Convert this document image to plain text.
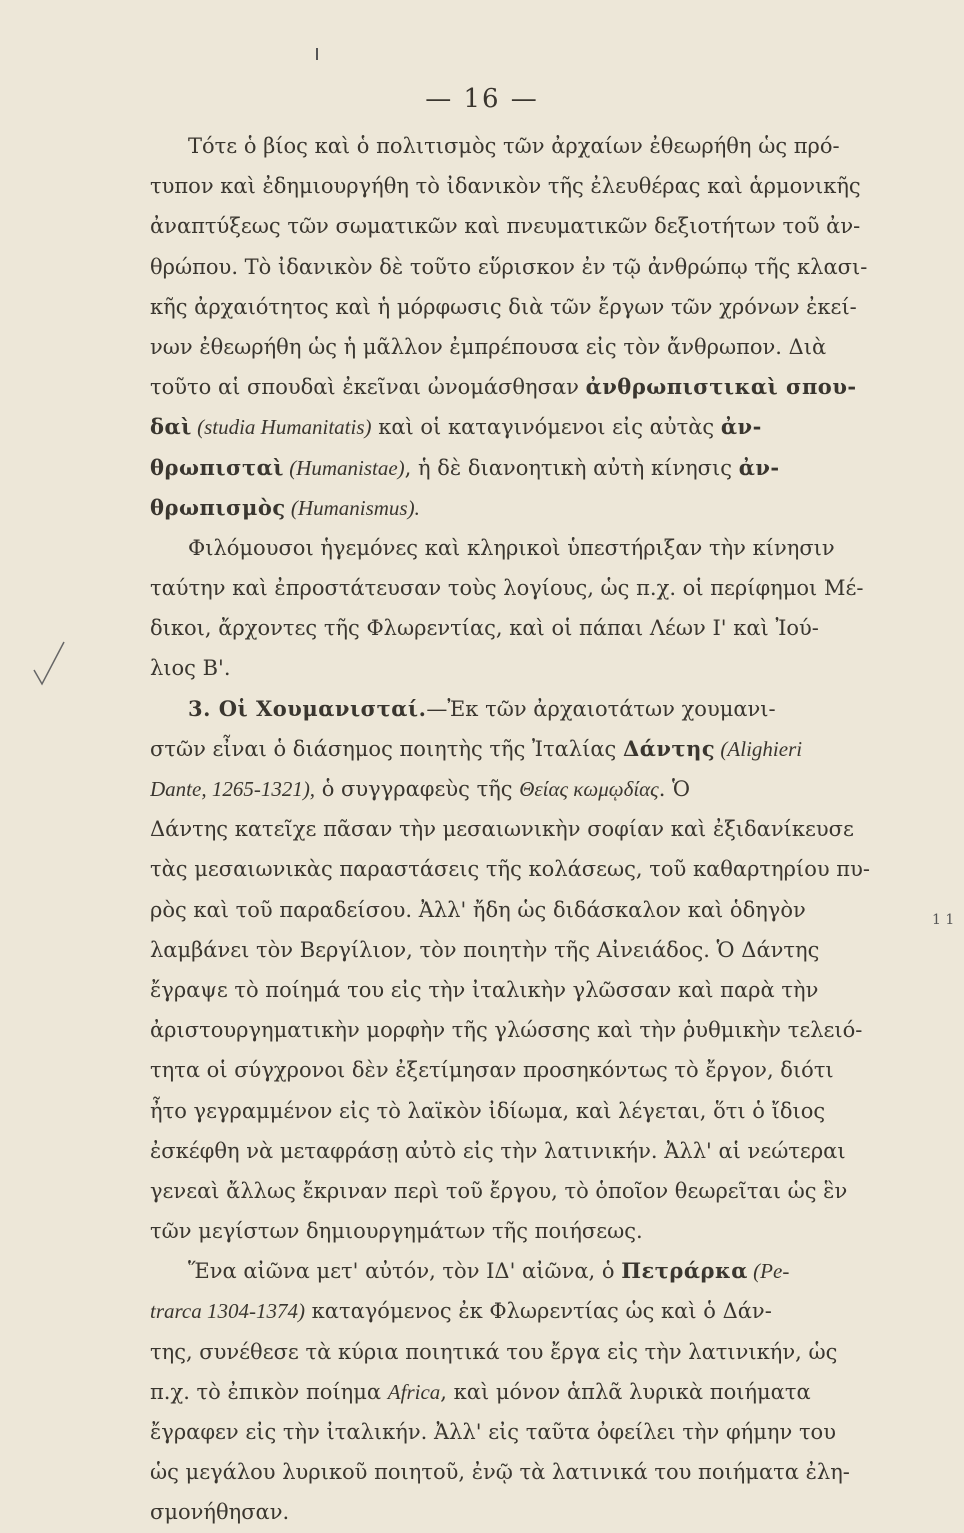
— 16 —
1 1
Τότε ὁ βίος καὶ ὁ πολιτισμὸς τῶν ἀρχαίων ἐθεωρήθη ὡς πρό-
τυπον καὶ ἐδημιουργήθη τὸ ἰδανικὸν τῆς ἐλευθέρας καὶ ἁρμονικῆς
ἀναπτύξεως τῶν σωματικῶν καὶ πνευματικῶν δεξιοτήτων τοῦ ἀν-
θρώπου. Τὸ ἰδανικὸν δὲ τοῦτο εὕρισκον ἐν τῷ ἀνθρώπῳ τῆς κλασι-
κῆς ἀρχαιότητος καὶ ἡ μόρφωσις διὰ τῶν ἔργων τῶν χρόνων ἐκεί-
νων ἐθεωρήθη ὡς ἡ μᾶλλον ἐμπρέπουσα εἰς τὸν ἄνθρωπον. Διὰ
τοῦτο αἱ σπουδαὶ ἐκεῖναι ὠνομάσθησαν ἀνθρωπιστικαὶ σπου-
δαὶ (studia Humanitatis) καὶ οἱ καταγινόμενοι εἰς αὐτὰς ἀν-
θρωπισταὶ (Humanistae), ἡ δὲ διανοητικὴ αὐτὴ κίνησις ἀν-
θρωπισμὸς (Humanismus).
Φιλόμουσοι ἡγεμόνες καὶ κληρικοὶ ὑπεστήριξαν τὴν κίνησιν
ταύτην καὶ ἐπροστάτευσαν τοὺς λογίους, ὡς π.χ. οἱ περίφημοι Μέ-
δικοι, ἄρχοντες τῆς Φλωρεντίας, καὶ οἱ πάπαι Λέων Ι' καὶ Ἰού-
λιος Β'.
3. Οἱ Χουμανισταί.—Ἐκ τῶν ἀρχαιοτάτων χουμανι-
στῶν εἶναι ὁ διάσημος ποιητὴς τῆς Ἰταλίας Δάντης (Alighieri
Dante, 1265-1321), ὁ συγγραφεὺς τῆς Θείας κωμῳδίας. Ὁ
Δάντης κατεῖχε πᾶσαν τὴν μεσαιωνικὴν σοφίαν καὶ ἐξιδανίκευσε
τὰς μεσαιωνικὰς παραστάσεις τῆς κολάσεως, τοῦ καθαρτηρίου πυ-
ρὸς καὶ τοῦ παραδείσου. Ἀλλ' ἤδη ὡς διδάσκαλον καὶ ὁδηγὸν
λαμβάνει τὸν Βεργίλιον, τὸν ποιητὴν τῆς Αἰνειάδος. Ὁ Δάντης
ἔγραψε τὸ ποίημά του εἰς τὴν ἰταλικὴν γλῶσσαν καὶ παρὰ τὴν
ἀριστουργηματικὴν μορφὴν τῆς γλώσσης καὶ τὴν ῥυθμικὴν τελειό-
τητα οἱ σύγχρονοι δὲν ἐξετίμησαν προσηκόντως τὸ ἔργον, διότι
ἦτο γεγραμμένον εἰς τὸ λαϊκὸν ἰδίωμα, καὶ λέγεται, ὅτι ὁ ἴδιος
ἐσκέφθη νὰ μεταφράσῃ αὐτὸ εἰς τὴν λατινικήν. Ἀλλ' αἱ νεώτεραι
γενεαὶ ἄλλως ἔκριναν περὶ τοῦ ἔργου, τὸ ὁποῖον θεωρεῖται ὡς ἓν
τῶν μεγίστων δημιουργημάτων τῆς ποιήσεως.
Ἕνα αἰῶνα μετ' αὐτόν, τὸν ΙΔ' αἰῶνα, ὁ Πετράρκα (Pe-
trarca 1304-1374) καταγόμενος ἐκ Φλωρεντίας ὡς καὶ ὁ Δάν-
της, συνέθεσε τὰ κύρια ποιητικά του ἔργα εἰς τὴν λατινικήν, ὡς
π.χ. τὸ ἐπικὸν ποίημα Africa, καὶ μόνον ἁπλᾶ λυρικὰ ποιήματα
ἔγραφεν εἰς τὴν ἰταλικήν. Ἀλλ' εἰς ταῦτα ὀφείλει τὴν φήμην του
ὡς μεγάλου λυρικοῦ ποιητοῦ, ἐνῷ τὰ λατινικά του ποιήματα ἐλη-
σμονήθησαν.
